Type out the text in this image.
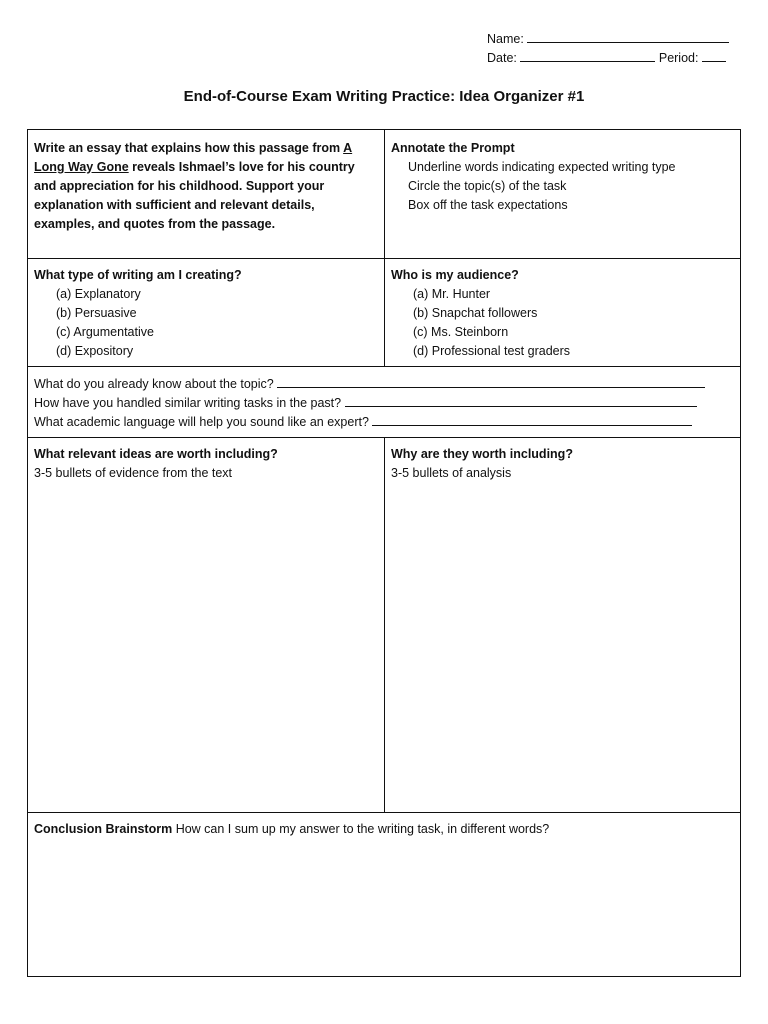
Name:
Date:	Period:
End-of-Course Exam Writing Practice: Idea Organizer #1
Write an essay that explains how this passage from A Long Way Gone reveals Ishmael’s love for his country and appreciation for his childhood. Support your explanation with sufficient and relevant details, examples, and quotes from the passage.
Annotate the Prompt
Underline words indicating expected writing type
Circle the topic(s) of the task
Box off the task expectations
What type of writing am I creating?
(a) Explanatory
(b) Persuasive
(c) Argumentative
(d) Expository
Who is my audience?
(a) Mr. Hunter
(b) Snapchat followers
(c) Ms. Steinborn
(d) Professional test graders
What do you already know about the topic?
How have you handled similar writing tasks in the past?
What academic language will help you sound like an expert?
What relevant ideas are worth including?
3-5 bullets of evidence from the text
Why are they worth including?
3-5 bullets of analysis
Conclusion Brainstorm How can I sum up my answer to the writing task, in different words?
